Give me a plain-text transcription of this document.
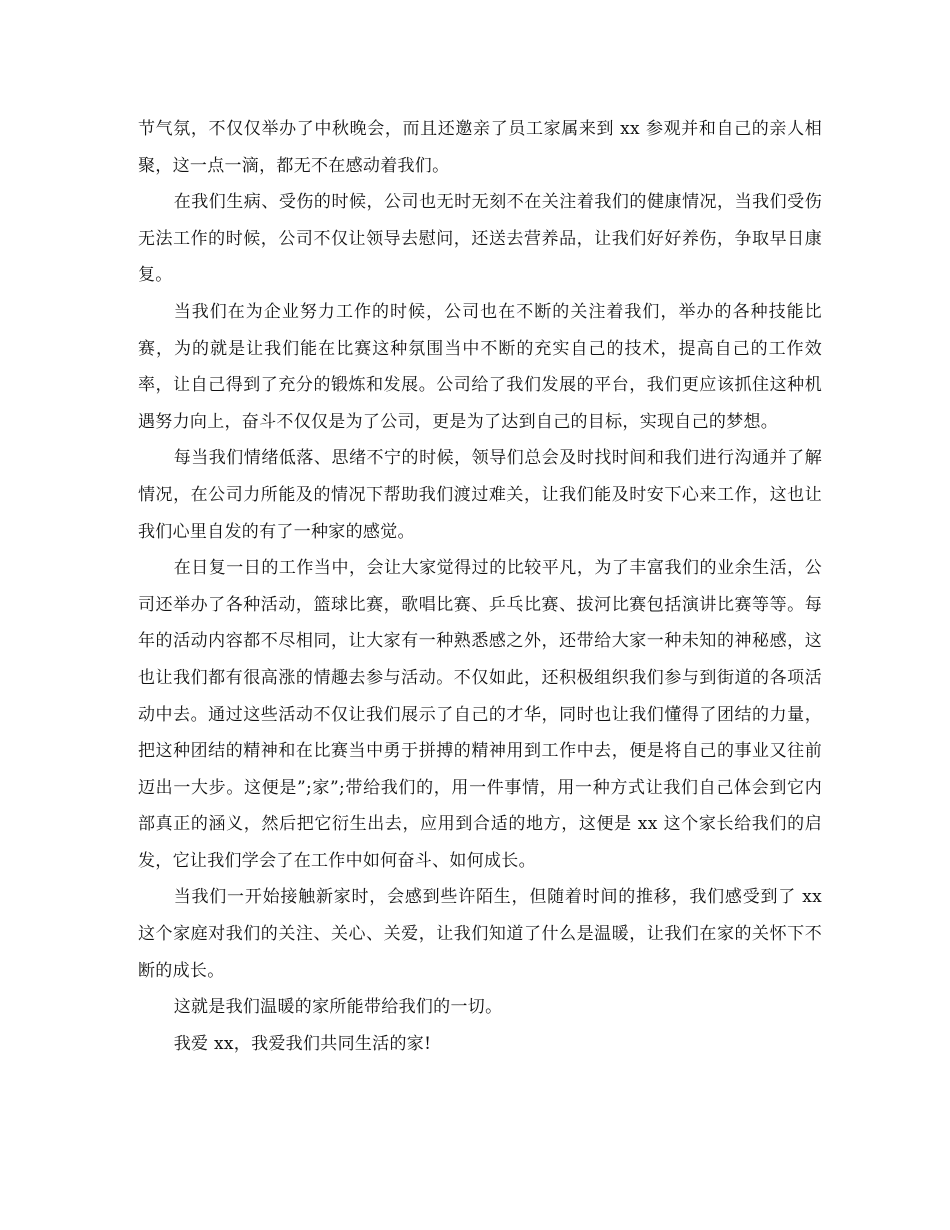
节气氛，不仅仅举办了中秋晚会，而且还邀亲了员工家属来到 xx 参观并和自己的亲人相聚，这一点一滴，都无不在感动着我们。

在我们生病、受伤的时候，公司也无时无刻不在关注着我们的健康情况，当我们受伤无法工作的时候，公司不仅让领导去慰问，还送去营养品，让我们好好养伤，争取早日康复。

当我们在为企业努力工作的时候，公司也在不断的关注着我们，举办的各种技能比赛，为的就是让我们能在比赛这种氛围当中不断的充实自己的技术，提高自己的工作效率，让自己得到了充分的锻炼和发展。公司给了我们发展的平台，我们更应该抓住这种机遇努力向上，奋斗不仅仅是为了公司，更是为了达到自己的目标，实现自己的梦想。

每当我们情绪低落、思绪不宁的时候，领导们总会及时找时间和我们进行沟通并了解情况，在公司力所能及的情况下帮助我们渡过难关，让我们能及时安下心来工作，这也让我们心里自发的有了一种家的感觉。

在日复一日的工作当中，会让大家觉得过的比较平凡，为了丰富我们的业余生活，公司还举办了各种活动，篮球比赛，歌唱比赛、乒乓比赛、拔河比赛包括演讲比赛等等。每年的活动内容都不尽相同，让大家有一种熟悉感之外，还带给大家一种未知的神秘感，这也让我们都有很高涨的情趣去参与活动。不仅如此，还积极组织我们参与到街道的各项活动中去。通过这些活动不仅让我们展示了自己的才华，同时也让我们懂得了团结的力量，把这种团结的精神和在比赛当中勇于拼搏的精神用到工作中去，便是将自己的事业又往前迈出一大步。这便是”;家”;带给我们的，用一件事情，用一种方式让我们自己体会到它内部真正的涵义，然后把它衍生出去，应用到合适的地方，这便是 xx 这个家长给我们的启发，它让我们学会了在工作中如何奋斗、如何成长。

当我们一开始接触新家时，会感到些许陌生，但随着时间的推移，我们感受到了 xx 这个家庭对我们的关注、关心、关爱，让我们知道了什么是温暖，让我们在家的关怀下不断的成长。

这就是我们温暖的家所能带给我们的一切。

我爱 xx，我爱我们共同生活的家!
